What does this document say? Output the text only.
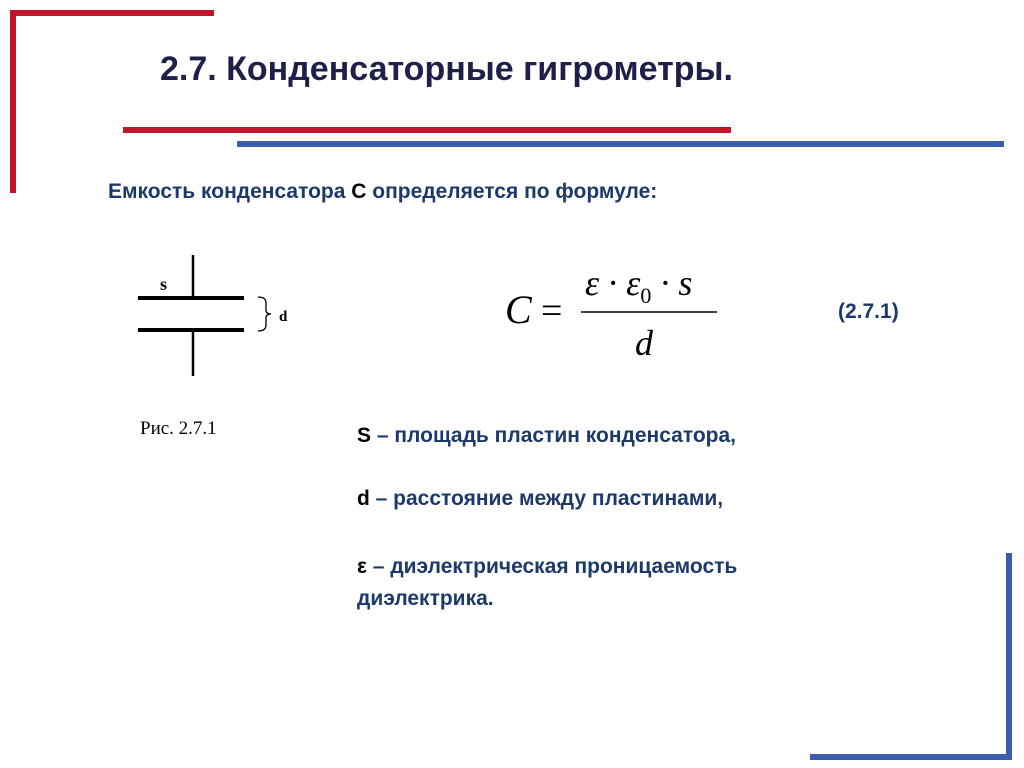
2.7. Конденсаторные гигрометры.
Емкость конденсатора С определяется по формуле:
s
d
Рис. 2.7.1
C =
$\varepsilon \cdot \varepsilon_0 \cdot s$
d
(2.7.1)
S – площадь пластин конденсатора,
d – расстояние между пластинами,
ε – диэлектрическая проницаемость диэлектрика.
